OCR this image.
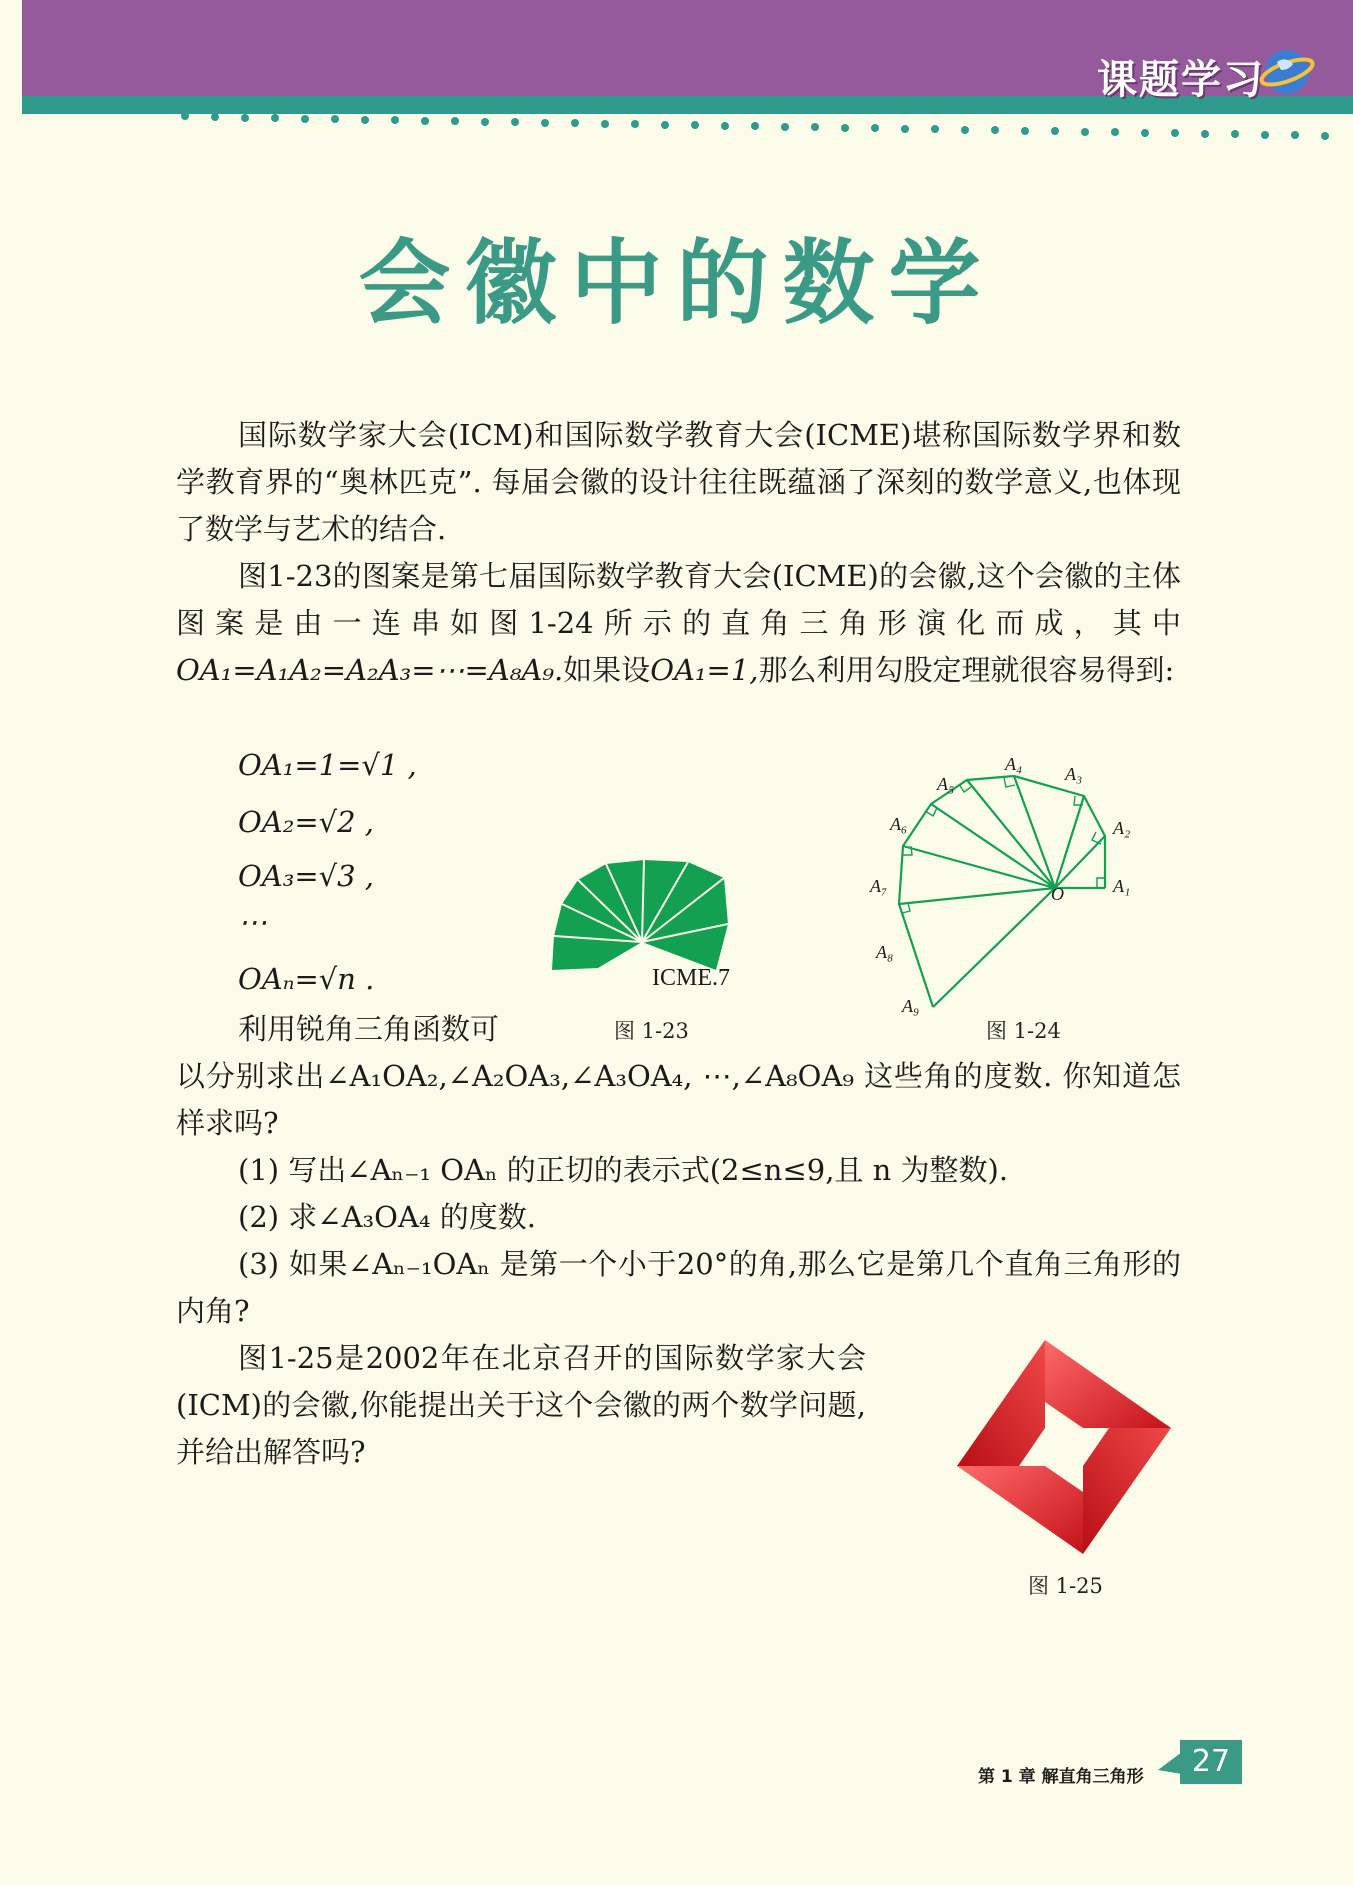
课题学习
会徽中的数学

国际数学家大会(ICM)和国际数学教育大会(ICME)堪称国际数学界和数学教育界的“奥林匹克”. 每届会徽的设计往往既蕴涵了深刻的数学意义,也体现了数学与艺术的结合.

图1-23的图案是第七届国际数学教育大会(ICME)的会徽,这个会徽的主体图案是由一连串如图1-24所示的直角三角形演化而成，其中OA₁=A₁A₂=A₂A₃=⋯=A₈A₉.如果设OA₁=1,那么利用勾股定理就很容易得到:

OA₁=1=√1 ,
OA₂=√2 ,
OA₃=√3 ,
⋯
OAₙ=√n .	ICME.7
图 1-23
A₁
A₂
A₃
A₄
A₅
A₆
A₇
A₈
A₉
O
图 1-24

利用锐角三角函数可

以分别求出∠A₁OA₂,∠A₂OA₃,∠A₃OA₄, ⋯,∠A₈OA₉ 这些角的度数. 你知道怎样求吗?

(1) 写出∠Aₙ₋₁ OAₙ 的正切的表示式(2≤n≤9,且 n 为整数).

(2) 求∠A₃OA₄ 的度数.

(3) 如果∠Aₙ₋₁OAₙ 是第一个小于20°的角,那么它是第几个直角三角形的内角?

图1-25是2002年在北京召开的国际数学家大会(ICM)的会徽,你能提出关于这个会徽的两个数学问题,并给出解答吗?

图 1-25
第 1 章 解直角三角形	27
